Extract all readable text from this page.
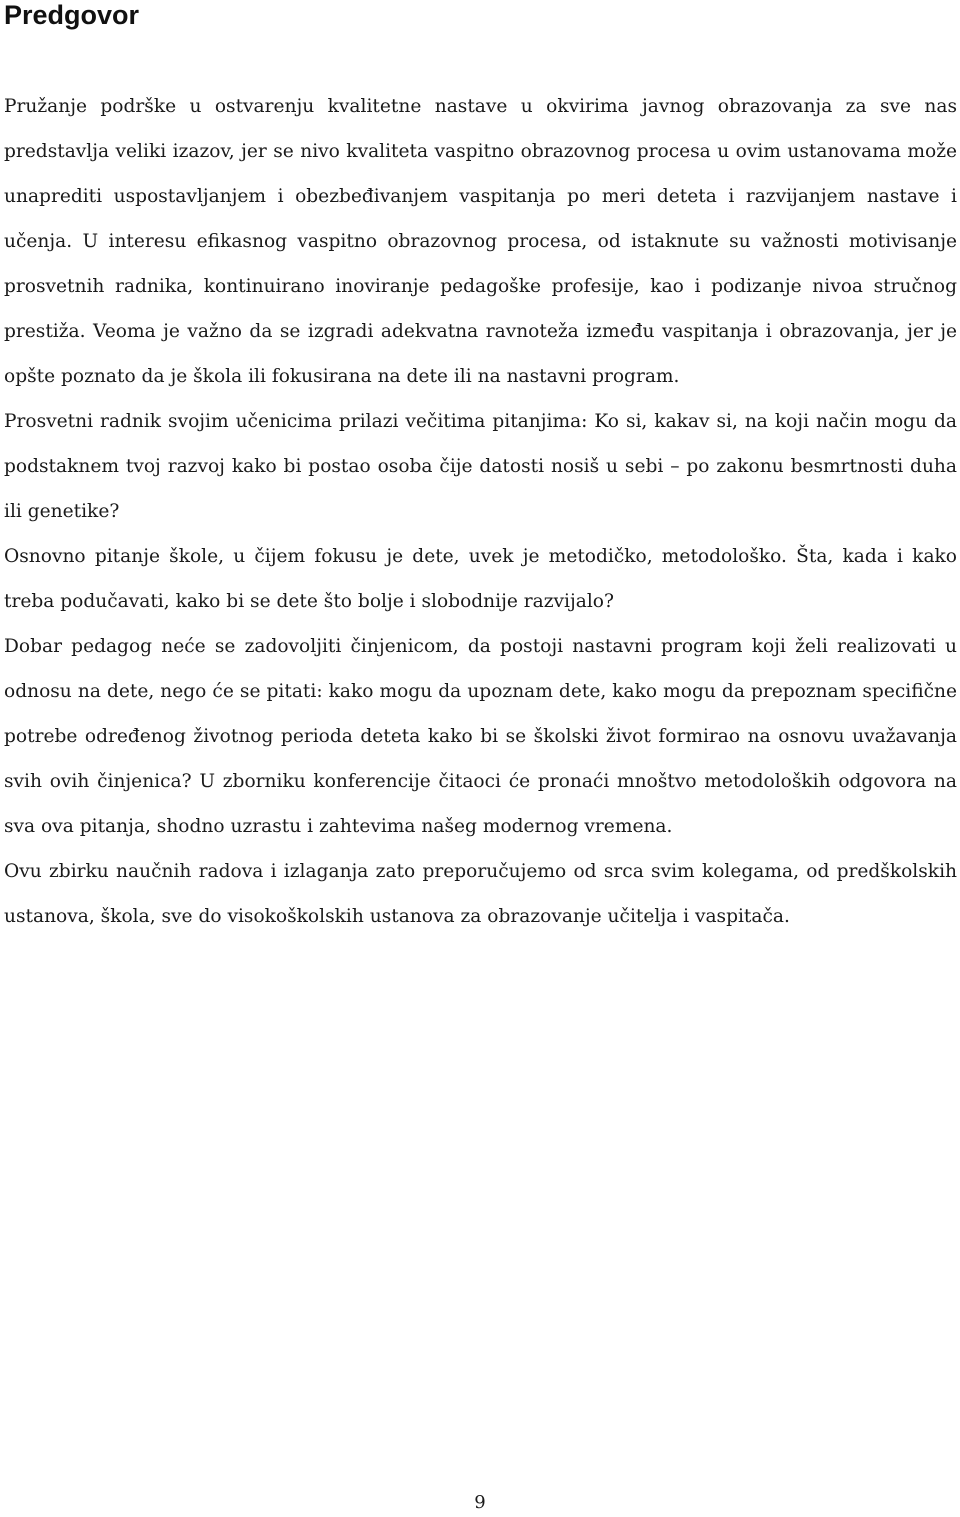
Predgovor

Pružanje podrške u ostvarenju kvalitetne nastave u okvirima javnog obrazovanja za sve nas predstavlja veliki izazov, jer se nivo kvaliteta vaspitno obrazovnog procesa u ovim ustanovama može unaprediti uspostavljanjem i obezbeđivanjem vaspitanja po meri deteta i razvijanjem nastave i učenja. U interesu efikasnog vaspitno obrazovnog procesa, od istaknute su važnosti motivisanje prosvetnih radnika, kontinuirano inoviranje pedagoške profesije, kao i podizanje nivoa stručnog prestiža. Veoma je važno da se izgradi adekvatna ravnoteža između vaspitanja i obrazovanja, jer je opšte poznato da je škola ili fokusirana na dete ili na nastavni program.

Prosvetni radnik svojim učenicima prilazi večitima pitanjima: Ko si, kakav si, na koji način mogu da podstaknem tvoj razvoj kako bi postao osoba čije datosti nosiš u sebi – po zakonu besmrtnosti duha ili genetike?

Osnovno pitanje škole, u čijem fokusu je dete, uvek je metodičko, metodološko. Šta, kada i kako treba podučavati, kako bi se dete što bolje i slobodnije razvijalo?

Dobar pedagog neće se zadovoljiti činjenicom, da postoji nastavni program koji želi realizovati u odnosu na dete, nego će se pitati: kako mogu da upoznam dete, kako mogu da prepoznam specifične potrebe određenog životnog perioda deteta kako bi se školski život formirao na osnovu uvažavanja svih ovih činjenica? U zborniku konferencije čitaoci će pronaći mnoštvo metodoloških odgovora na sva ova pitanja, shodno uzrastu i zahtevima našeg modernog vremena.

Ovu zbirku naučnih radova i izlaganja zato preporučujemo od srca svim kolegama, od predškolskih ustanova, škola, sve do visokoškolskih ustanova za obrazovanje učitelja i vaspitača.

9
